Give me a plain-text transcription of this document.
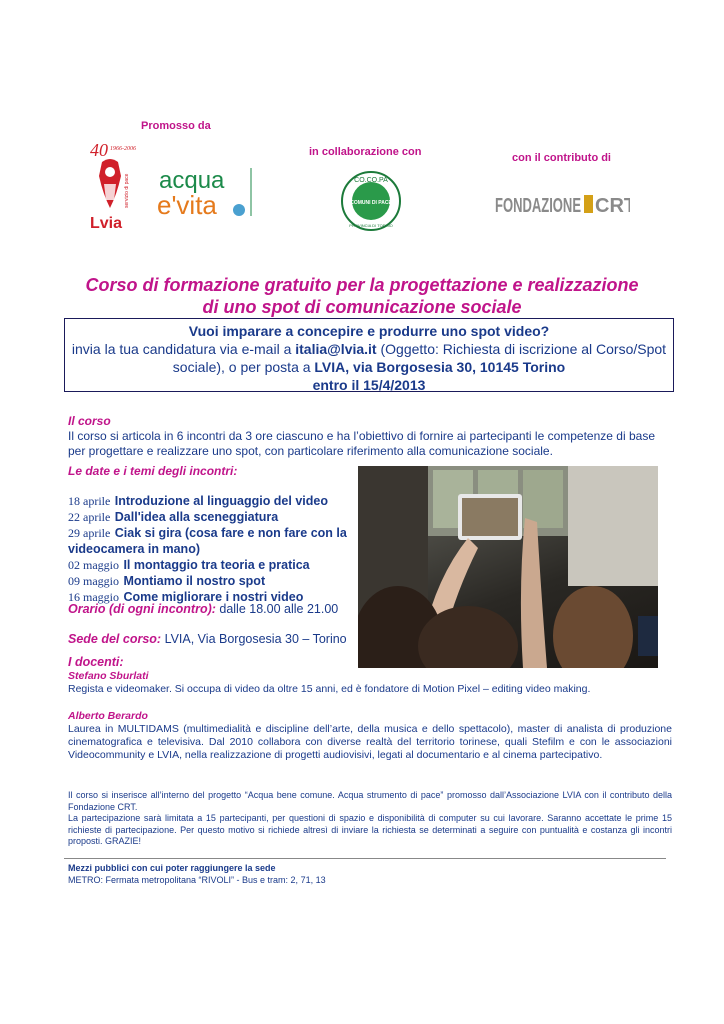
Promosso da
in collaborazione con	con il contributo di
40 1966-2006
servizio di pace
Lvia
acqua
e'vita
CO.CO.PA
COMUNI DI PACE
PROVINCIA DI TORINO
FONDAZIONE CR
Corso di formazione gratuito per la progettazione e realizzazione
di uno spot di comunicazione sociale
Vuoi imparare a concepire e produrre uno spot video?
invia la tua candidatura via e-mail a italia@lvia.it (Oggetto: Richiesta di iscrizione al Corso/Spot
sociale), o per posta a LVIA, via Borgosesia 30, 10145 Torino
entro il 15/4/2013
Il corso
Il corso si articola in 6 incontri da 3 ore ciascuno e ha l’obiettivo di fornire ai partecipanti le competenze di base per progettare e realizzare uno spot, con particolare riferimento alla comunicazione sociale.
Le date e i temi degli incontri:
18 aprile Introduzione al linguaggio del video
22 aprile Dall'idea alla sceneggiatura
29 aprile Ciak si gira (cosa fare e non fare con la videocamera in mano)
02 maggio Il montaggio tra teoria e pratica
09 maggio Montiamo il nostro spot
16 maggio Come migliorare i nostri video
Orario (di ogni incontro): dalle 18.00 alle 21.00
Sede del corso: LVIA, Via Borgosesia 30 – Torino
I docenti:
Stefano Sburlati
Regista e videomaker. Si occupa di video da oltre 15 anni, ed è fondatore di Motion Pixel – editing video making.
Alberto Berardo
Laurea in MULTIDAMS (multimedialità e discipline dell’arte, della musica e dello spettacolo), master di analista di produzione cinematografica e televisiva. Dal 2010 collabora con diverse realtà del territorio torinese, quali Stefilm e con le associazioni Videocommunity e LVIA, nella realizzazione di progetti audiovisivi, legati al documentario e al cinema partecipativo.
Il corso si inserisce all’interno del progetto “Acqua bene comune. Acqua strumento di pace” promosso dall’Associazione LVIA con il contributo della Fondazione CRT.
La partecipazione sarà limitata a 15 partecipanti, per questioni di spazio e disponibilità di computer su cui lavorare. Saranno accettate le prime 15 richieste di partecipazione. Per questo motivo si richiede altresì di inviare la richiesta se determinati a seguire con puntualità e costanza gli incontri proposti. GRAZIE!
Mezzi pubblici con cui poter raggiungere la sede
METRO: Fermata metropolitana “RIVOLI” - Bus e tram: 2, 71, 13
